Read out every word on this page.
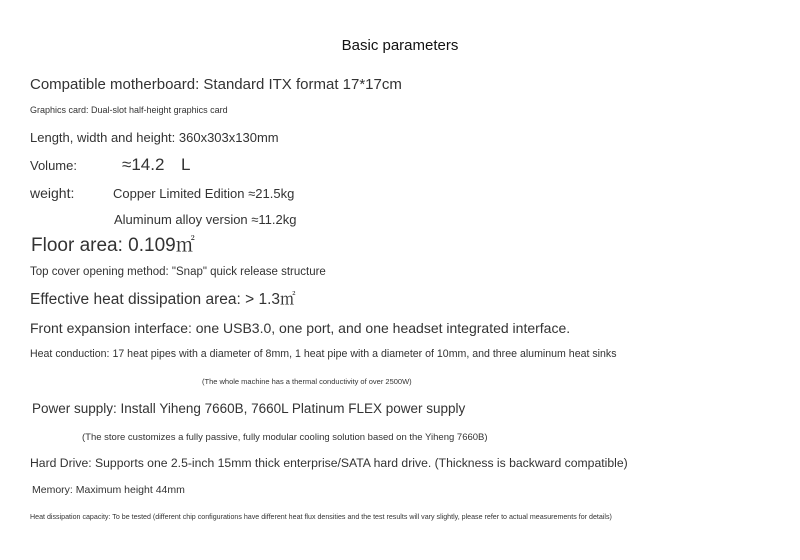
Basic parameters
Compatible motherboard: Standard ITX format 17*17cm
Graphics card: Dual-slot half-height graphics card
Length, width and height: 360x303x130mm
Volume:	≈14.2 L
weight:	Copper Limited Edition ≈21.5kg
Aluminum alloy version ≈11.2kg
Floor area: 0.109㎡
Top cover opening method: "Snap" quick release structure
Effective heat dissipation area: > 1.3㎡
Front expansion interface: one USB3.0, one port, and one headset integrated interface.
Heat conduction: 17 heat pipes with a diameter of 8mm, 1 heat pipe with a diameter of 10mm, and three aluminum heat sinks
(The whole machine has a thermal conductivity of over 2500W)
Power supply: Install Yiheng 7660B, 7660L Platinum FLEX power supply
(The store customizes a fully passive, fully modular cooling solution based on the Yiheng 7660B)
Hard Drive: Supports one 2.5-inch 15mm thick enterprise/SATA hard drive. (Thickness is backward compatible)
Memory: Maximum height 44mm
Heat dissipation capacity: To be tested (different chip configurations have different heat flux densities and the test results will vary slightly, please refer to actual measurements for details)
